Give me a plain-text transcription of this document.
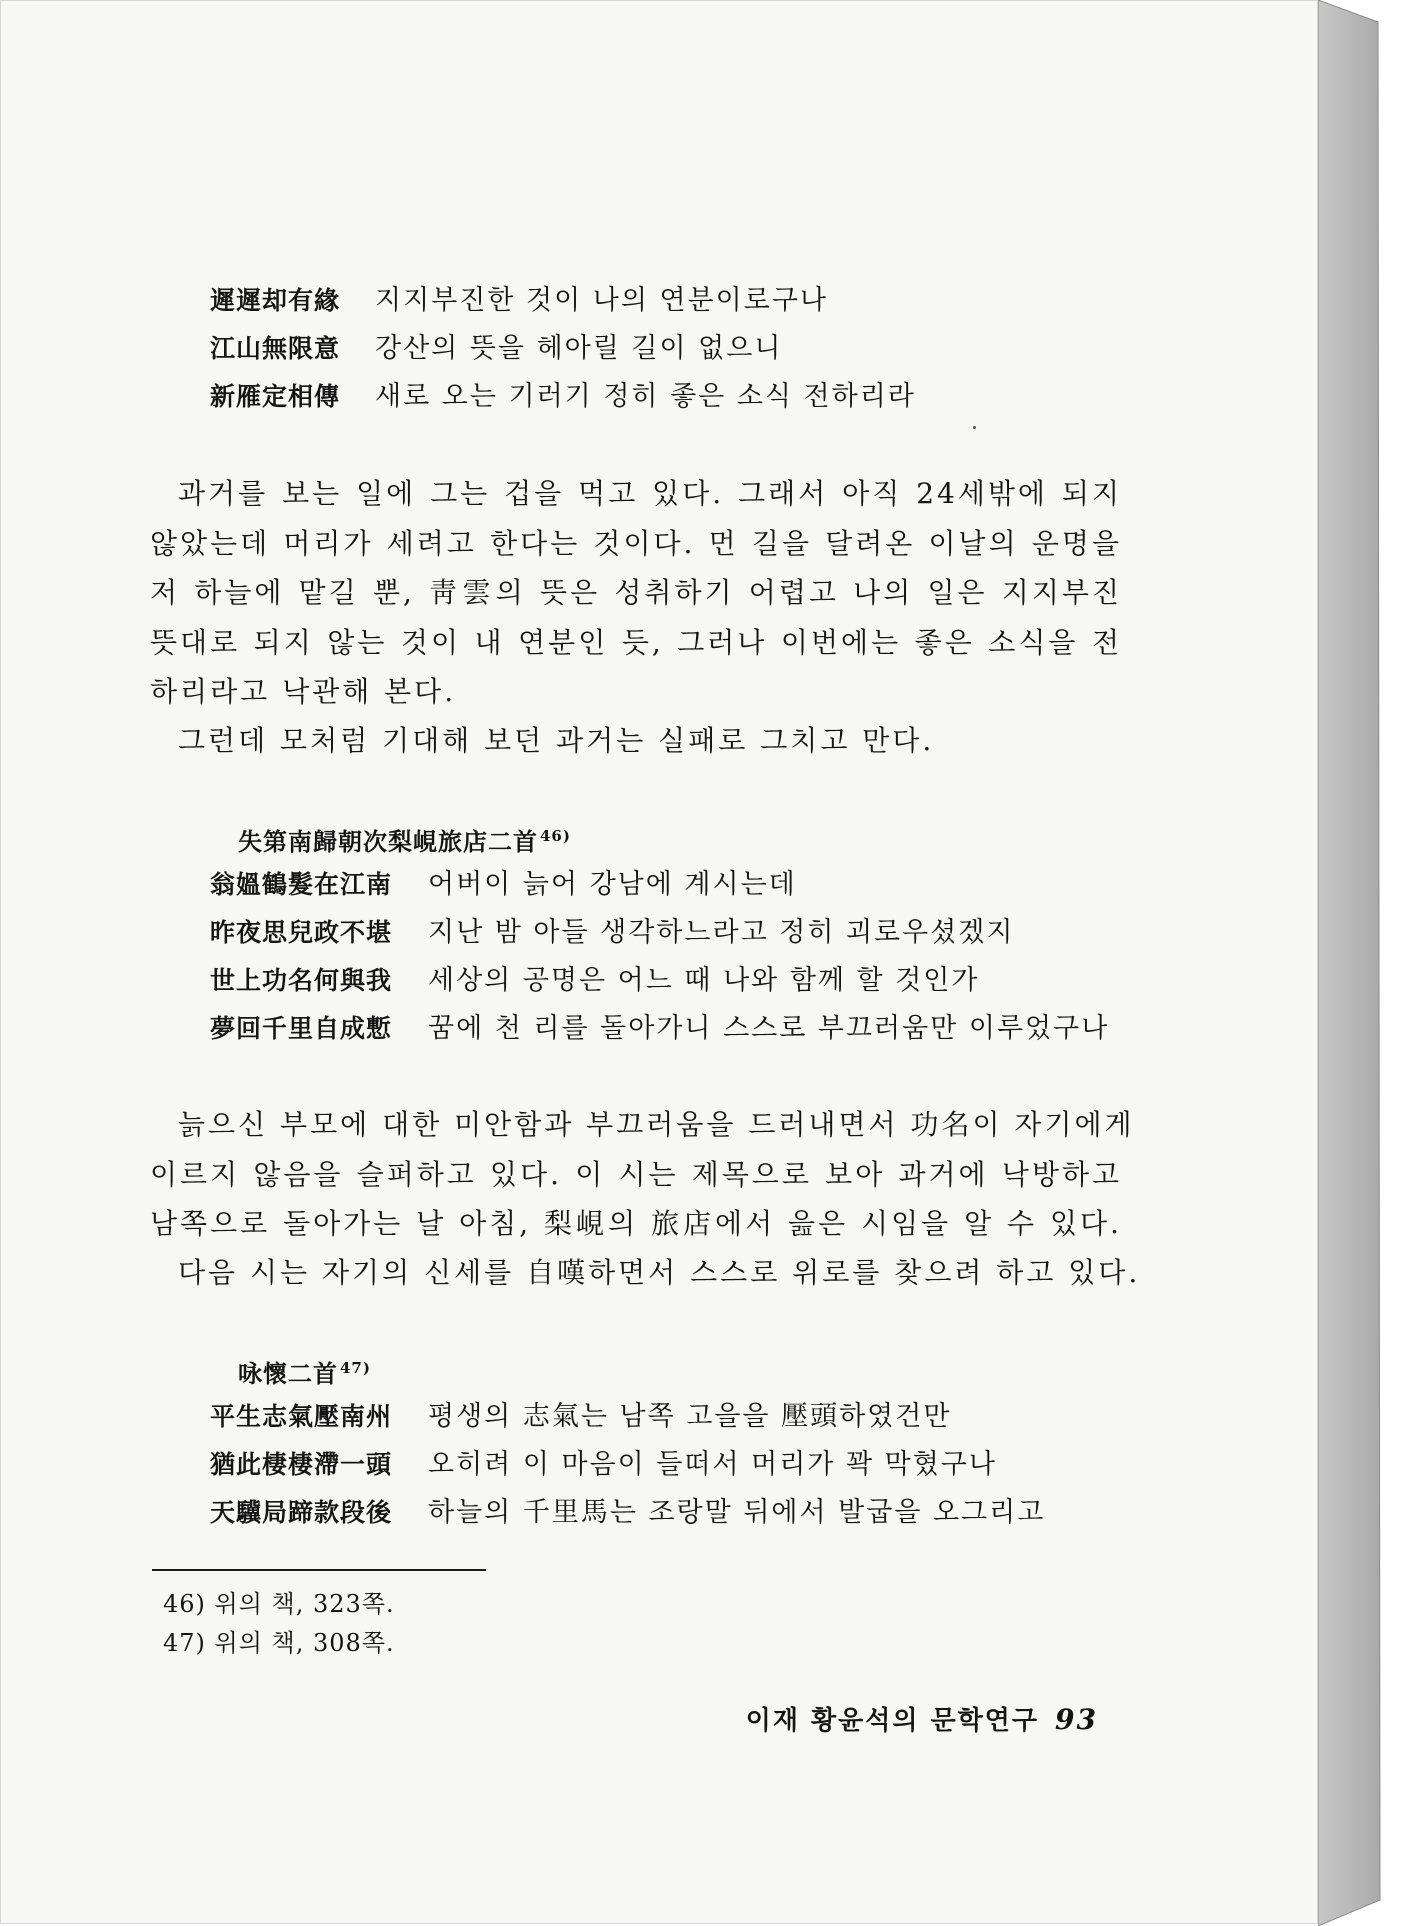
遲遲却有緣 지지부진한 것이 나의 연분이로구나
江山無限意 강산의 뜻을 헤아릴 길이 없으니
新雁定相傳 새로 오는 기러기 정히 좋은 소식 전하리라
과거를 보는 일에 그는 겁을 먹고 있다. 그래서 아직 24세밖에 되지
않았는데 머리가 세려고 한다는 것이다. 먼 길을 달려온 이날의 운명을
저 하늘에 맡길 뿐, 靑雲의 뜻은 성취하기 어렵고 나의 일은 지지부진
뜻대로 되지 않는 것이 내 연분인 듯, 그러나 이번에는 좋은 소식을 전
하리라고 낙관해 본다.
그런데 모처럼 기대해 보던 과거는 실패로 그치고 만다.
失第南歸朝次梨峴旅店二首 $^{46)}$
翁媼鶴髮在江南 어버이 늙어 강남에 계시는데
昨夜思兒政不堪 지난 밤 아들 생각하느라고 정히 괴로우셨겠지
世上功名何與我 세상의 공명은 어느 때 나와 함께 할 것인가
夢回千里自成慙 꿈에 천 리를 돌아가니 스스로 부끄러움만 이루었구나
늙으신 부모에 대한 미안함과 부끄러움을 드러내면서 功名이 자기에게
이르지 않음을 슬퍼하고 있다. 이 시는 제목으로 보아 과거에 낙방하고
남쪽으로 돌아가는 날 아침, 梨峴의 旅店에서 읊은 시임을 알 수 있다.
다음 시는 자기의 신세를 自嘆하면서 스스로 위로를 찾으려 하고 있다.
咏懷二首 $^{47)}$
平生志氣壓南州 평생의 志氣는 남쪽 고을을 壓頭하였건만
猶此棲棲滯一頭 오히려 이 마음이 들떠서 머리가 꽉 막혔구나
天驥局蹄款段後 하늘의 千里馬는 조랑말 뒤에서 발굽을 오그리고
46) 위의 책, 323쪽.
47) 위의 책, 308쪽.
이재 황윤석의 문학연구 93
